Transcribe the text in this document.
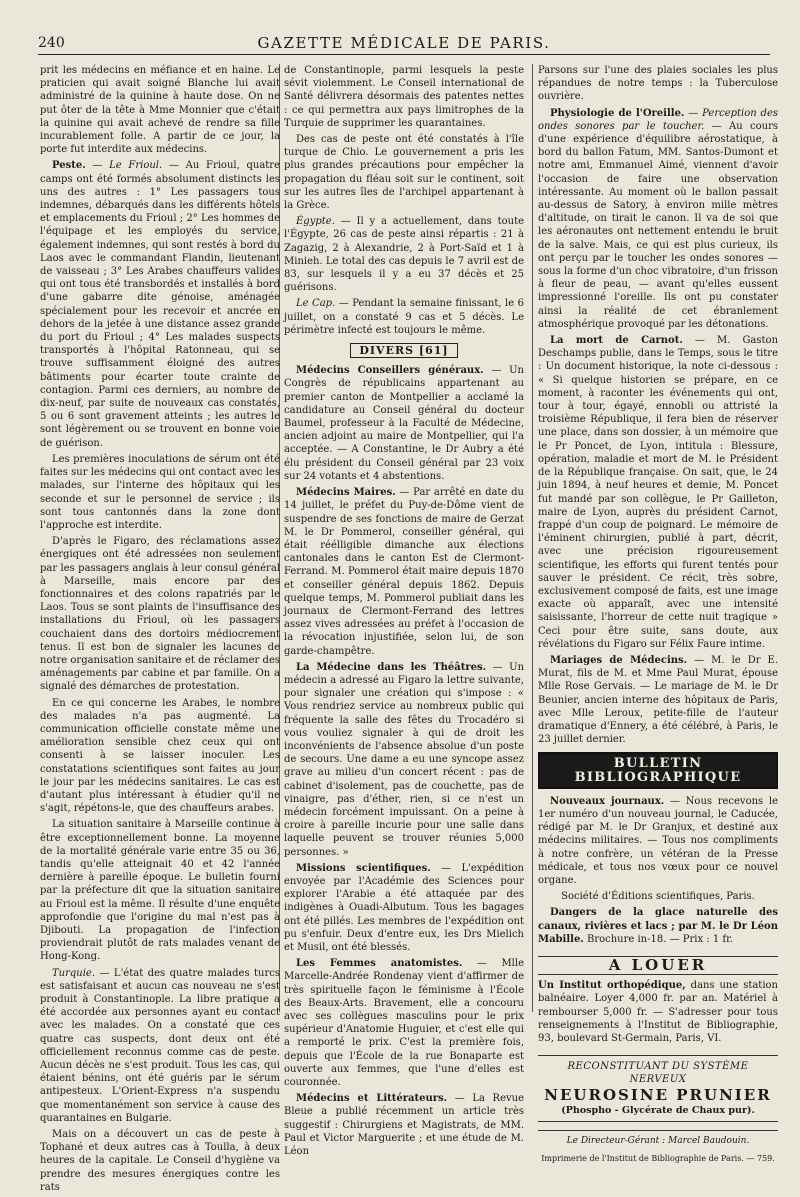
240	GAZETTE MÉDICALE DE PARIS.

prit les médecins en méfiance et en haine. Le praticien qui avait soigné Blanche lui avait administré de la quinine à haute dose. On ne put ôter de la tête à Mme Monnier que c'était la quinine qui avait achevé de rendre sa fille incurablement folle. A partir de ce jour, la porte fut interdite aux médecins.

Peste. — Le Frioul. — Au Frioul, quatre camps ont été formés absolument distincts les uns des autres : 1° Les passagers tous indemnes, débarqués dans les différents hôtels et emplacements du Frioul ; 2° Les hommes de l'équipage et les employés du service, également indemnes, qui sont restés à bord du Laos avec le commandant Flandin, lieutenant de vaisseau ; 3° Les Arabes chauffeurs valides qui ont tous été transbordés et installés à bord d'une gabarre dite génoise, aménagée spécialement pour les recevoir et ancrée en dehors de la jetée à une distance assez grande du port du Frioul ; 4° Les malades suspects transportés à l'hôpital Ratonneau, qui se trouve suffisamment éloigné des autres bâtiments pour écarter toute crainte de contagion. Parmi ces derniers, au nombre de dix-neuf, par suite de nouveaux cas constatés, 5 ou 6 sont gravement atteints ; les autres le sont légèrement ou se trouvent en bonne voie de guérison.

Les premières inoculations de sérum ont été faites sur les médecins qui ont contact avec les malades, sur l'interne des hôpitaux qui les seconde et sur le personnel de service ; ils sont tous cantonnés dans la zone dont l'approche est interdite.

D'après le Figaro, des réclamations assez énergiques ont été adressées non seulement par les passagers anglais à leur consul général à Marseille, mais encore par des fonctionnaires et des colons rapatriés par le Laos. Tous se sont plaints de l'insuffisance des installations du Frioul, où les passagers couchaient dans des dortoirs médiocrement tenus. Il est bon de signaler les lacunes de notre organisation sanitaire et de réclamer des aménagements par cabine et par famille. On a signalé des démarches de protestation.

En ce qui concerne les Arabes, le nombre des malades n'a pas augmenté. La communication officielle constate même une amélioration sensible chez ceux qui ont consenti à se laisser inoculer. Les constatations scientifiques sont faites au jour le jour par les médecins sanitaires. Le cas est d'autant plus intéressant à étudier qu'il ne s'agit, répétons-le, que des chauffeurs arabes.

La situation sanitaire à Marseille continue à être exceptionnellement bonne. La moyenne de la mortalité générale varie entre 35 ou 36, tandis qu'elle atteignait 40 et 42 l'année dernière à pareille époque. Le bulletin fourni par la préfecture dit que la situation sanitaire au Frioul est la même. Il résulte d'une enquête approfondie que l'origine du mal n'est pas à Djibouti. La propagation de l'infection proviendrait plutôt de rats malades venant de Hong-Kong.

Turquie. — L'état des quatre malades turcs est satisfaisant et aucun cas nouveau ne s'est produit à Constantinople. La libre pratique a été accordée aux personnes ayant eu contact avec les malades. On a constaté que ces quatre cas suspects, dont deux ont été officiellement reconnus comme cas de peste. Aucun décès ne s'est produit. Tous les cas, qui étaient bénins, ont été guéris par le sérum antipesteux. L'Orient-Express n'a suspendu que momentanément son service à cause des quarantaines en Bulgarie.

Mais on a découvert un cas de peste à Tophané et deux autres cas à Toulla, à deux heures de la capitale. Le Conseil d'hygiène va prendre des mesures énergiques contre les rats

de Constantinople, parmi lesquels la peste sévit violemment. Le Conseil international de Santé délivrera désormais des patentes nettes : ce qui permettra aux pays limitrophes de la Turquie de supprimer les quarantaines.

Des cas de peste ont été constatés à l'île turque de Chio. Le gouvernement a pris les plus grandes précautions pour empêcher la propagation du fléau soit sur le continent, soit sur les autres îles de l'archipel appartenant à la Grèce.

Égypte. — Il y a actuellement, dans toute l'Égypte, 26 cas de peste ainsi répartis : 21 à Zagazig, 2 à Alexandrie, 2 à Port-Saïd et 1 à Minieh. Le total des cas depuis le 7 avril est de 83, sur lesquels il y a eu 37 décès et 25 guérisons.

Le Cap. — Pendant la semaine finissant, le 6 juillet, on a constaté 9 cas et 5 décès. Le périmètre infecté est toujours le même.

DIVERS [61]

Médecins Conseillers généraux. — Un Congrès de républicains appartenant au premier canton de Montpellier a acclamé la candidature au Conseil général du docteur Baumel, professeur à la Faculté de Médecine, ancien adjoint au maire de Montpellier, qui l'a acceptée. — A Constantine, le Dr Aubry a été élu président du Conseil général par 23 voix sur 24 votants et 4 abstentions.

Médecins Maires. — Par arrêté en date du 14 juillet, le préfet du Puy-de-Dôme vient de suspendre de ses fonctions de maire de Gerzat M. le Dr Pommerol, conseiller général, qui était réélligible dimanche aux élections cantonales dans le canton Est de Clermont-Ferrand. M. Pommerol était maire depuis 1870 et conseiller général depuis 1862. Depuis quelque temps, M. Pommerol publiait dans les journaux de Clermont-Ferrand des lettres assez vives adressées au préfet à l'occasion de la révocation injustifiée, selon lui, de son garde-champêtre.

La Médecine dans les Théâtres. — Un médecin a adressé au Figaro la lettre suivante, pour signaler une création qui s'impose : « Vous rendriez service au nombreux public qui fréquente la salle des fêtes du Trocadéro si vous vouliez signaler à qui de droit les inconvénients de l'absence absolue d'un poste de secours. Une dame a eu une syncope assez grave au milieu d'un concert récent : pas de cabinet d'isolement, pas de couchette, pas de vinaigre, pas d'éther, rien, si ce n'est un médecin forcément impuissant. On a peine à croire à pareille incurie pour une salle dans laquelle peuvent se trouver réunies 5,000 personnes. »

Missions scientifiques. — L'expédition envoyée par l'Académie des Sciences pour explorer l'Arabie a été attaquée par des indigènes à Ouadi-Albutum. Tous les bagages ont été pillés. Les membres de l'expédition ont pu s'enfuir. Deux d'entre eux, les Drs Mielich et Musil, ont été blessés.

Les Femmes anatomistes. — Mlle Marcelle-Andrée Rondenay vient d'affirmer de très spirituelle façon le féminisme à l'École des Beaux-Arts. Bravement, elle a concouru avec ses collègues masculins pour le prix supérieur d'Anatomie Huguier, et c'est elle qui a remporté le prix. C'est la première fois, depuis que l'École de la rue Bonaparte est ouverte aux femmes, que l'une d'elles est couronnée.

Médecins et Littérateurs. — La Revue Bleue a publié récemment un article très suggestif : Chirurgiens et Magistrats, de MM. Paul et Victor Marguerite ; et une étude de M. Léon

Parsons sur l'une des plaies sociales les plus répandues de notre temps : la Tuberculose ouvrière.

Physiologie de l'Oreille. — Perception des ondes sonores par le toucher. — Au cours d'une expérience d'équilibre aérostatique, à bord du ballon Fatum, MM. Santos-Dumont et notre ami, Emmanuel Aimé, viennent d'avoir l'occasion de faire une observation intéressante. Au moment où le ballon passait au-dessus de Satory, à environ mille mètres d'altitude, on tirait le canon. Il va de soi que les aéronautes ont nettement entendu le bruit de la salve. Mais, ce qui est plus curieux, ils ont perçu par le toucher les ondes sonores — sous la forme d'un choc vibratoire, d'un frisson à fleur de peau, — avant qu'elles eussent impressionné l'oreille. Ils ont pu constater ainsi la réalité de cet ébranlement atmosphérique provoqué par les détonations.

La mort de Carnot. — M. Gaston Deschamps publie, dans le Temps, sous le titre : Un document historique, la note ci-dessous : « Si quelque historien se prépare, en ce moment, à raconter les événements qui ont, tour à tour, égayé, ennobli ou attristé la troisième République, il fera bien de réserver une place, dans son dossier, à un mémoire que le Pr Poncet, de Lyon, intitula : Blessure, opération, maladie et mort de M. le Président de la République française. On sait, que, le 24 juin 1894, à neuf heures et demie, M. Poncet fut mandé par son collègue, le Pr Gailleton, maire de Lyon, auprès du président Carnot, frappé d'un coup de poignard. Le mémoire de l'éminent chirurgien, publié à part, décrit, avec une précision rigoureusement scientifique, les efforts qui furent tentés pour sauver le président. Ce récit, très sobre, exclusivement composé de faits, est une image exacte où apparaît, avec une intensité saisissante, l'horreur de cette nuit tragique » Ceci pour être suite, sans doute, aux révélations du Figaro sur Félix Faure intime.

Mariages de Médecins. — M. le Dr E. Murat, fils de M. et Mme Paul Murat, épouse Mlle Rose Gervais. — Le mariage de M. le Dr Beunier, ancien interne des hôpitaux de Paris, avec Mlle Leroux, petite-fille de l'auteur dramatique d'Ennery, a été célébré, à Paris, le 23 juillet dernier.

BULLETIN BIBLIOGRAPHIQUE

Nouveaux journaux. — Nous recevons le 1er numéro d'un nouveau journal, le Caducée, rédigé par M. le Dr Granjux, et destiné aux médecins militaires. — Tous nos compliments à notre confrère, un vétéran de la Presse médicale, et tous nos vœux pour ce nouvel organe.

Société d'Éditions scientifiques, Paris.

Dangers de la glace naturelle des canaux, rivières et lacs ; par M. le Dr Léon Mabille. Brochure in-18. — Prix : 1 fr.

A LOUER

Un Institut orthopédique, dans une station balnéaire. Loyer 4,000 fr. par an. Matériel à rembourser 5,000 fr. — S'adresser pour tous renseignements à l'Institut de Bibliographie, 93, boulevard St-Germain, Paris, VI.

RECONSTITUANT DU SYSTÈME NERVEUX
NEUROSINE PRUNIER
(Phospho - Glycérate de Chaux pur).
Le Directeur-Gérant : Marcel Baudouin.
Imprimerie de l'Institut de Bibliographie de Paris. — 759.
